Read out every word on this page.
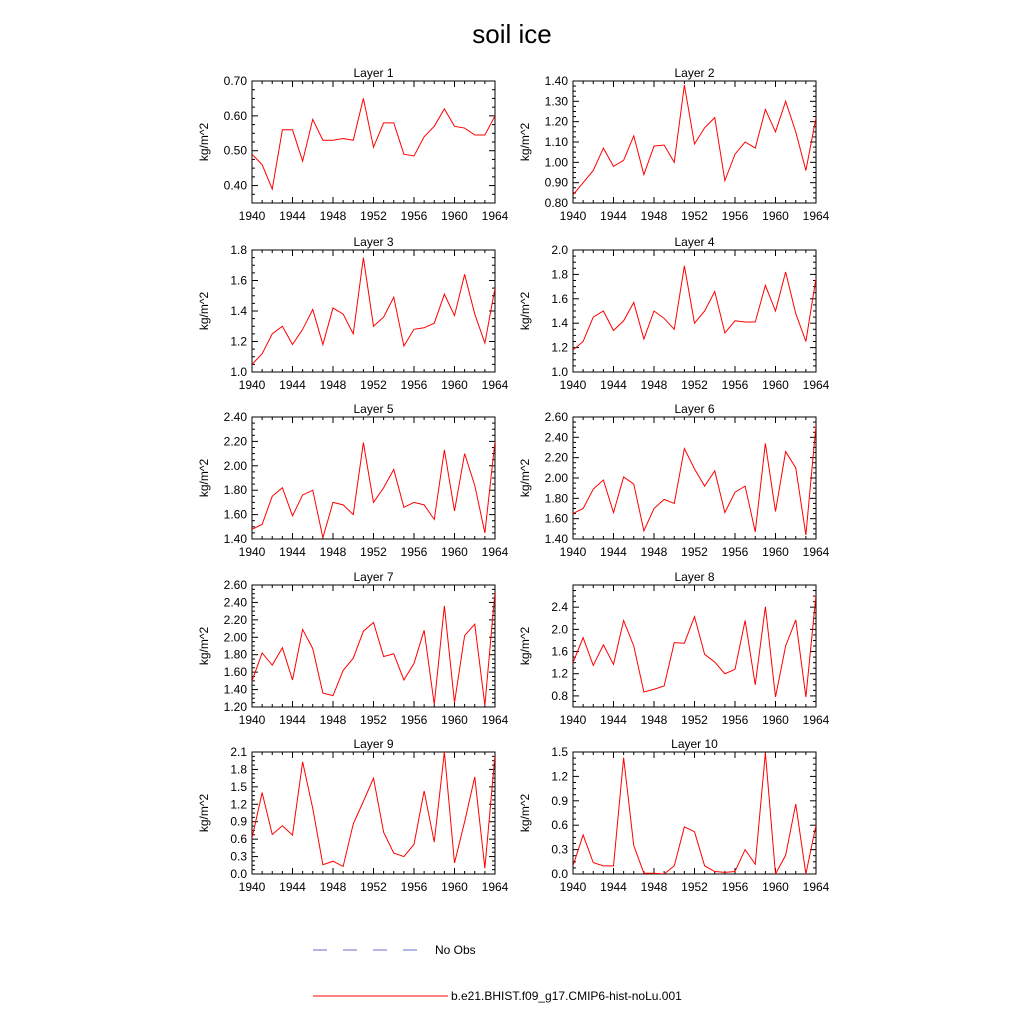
soil ice
Layer 1
1940 1944 1948 1952 1956 1960 1964
0.40
0.50
0.60
0.70
kg/m^2
Layer 2
1940 1944 1948 1952 1956 1960 1964
0.80
0.90
1.00
1.10
1.20
1.30
1.40
kg/m^2
Layer 3
1940 1944 1948 1952 1956 1960 1964
1.0
1.2
1.4
1.6
1.8
kg/m^2
Layer 4
1940 1944 1948 1952 1956 1960 1964
1.0
1.2
1.4
1.6
1.8
2.0
kg/m^2
Layer 5
1940 1944 1948 1952 1956 1960 1964
1.40
1.60
1.80
2.00
2.20
2.40
kg/m^2
Layer 6
1940 1944 1948 1952 1956 1960 1964
1.40
1.60
1.80
2.00
2.20
2.40
2.60
kg/m^2
Layer 7
1940 1944 1948 1952 1956 1960 1964
1.20
1.40
1.60
1.80
2.00
2.20
2.40
2.60
kg/m^2
Layer 8
1940 1944 1948 1952 1956 1960 1964
0.8
1.2
1.6
2.0
2.4
kg/m^2
Layer 9
1940 1944 1948 1952 1956 1960 1964
0.0
0.3
0.6
0.9
1.2
1.5
1.8
2.1
kg/m^2
Layer 10
1940 1944 1948 1952 1956 1960 1964
0.0
0.3
0.6
0.9
1.2
1.5
kg/m^2
No Obs
b.e21.BHIST.f09_g17.CMIP6-hist-noLu.001
